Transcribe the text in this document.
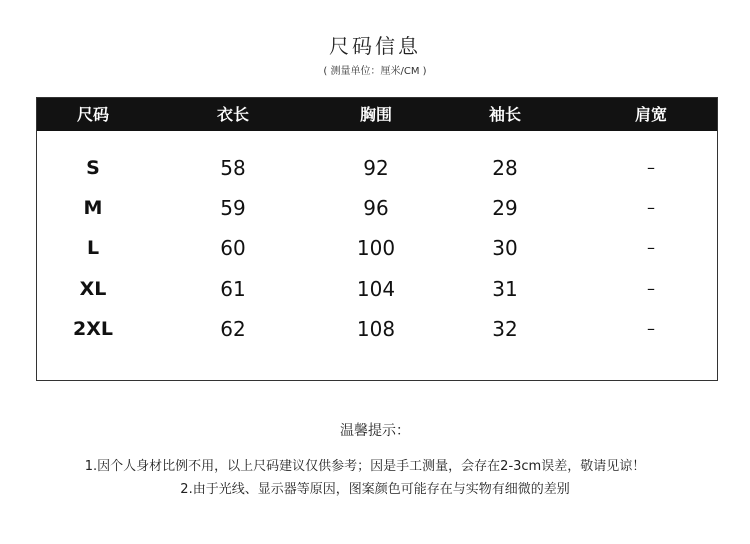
尺码信息
( 测量单位：厘米/CM )
尺码	衣长	胸围	袖长	肩宽
S	58	92	28	–
M	59	96	29	–
L	60	100	30	–
XL	61	104	31	–
2XL	62	108	32	–
温馨提示：
1.因个人身材比例不用，以上尺码建议仅供参考；因是手工测量，会存在2-3cm误差，敬请见谅！
2.由于光线、显示器等原因，图案颜色可能存在与实物有细微的差别
